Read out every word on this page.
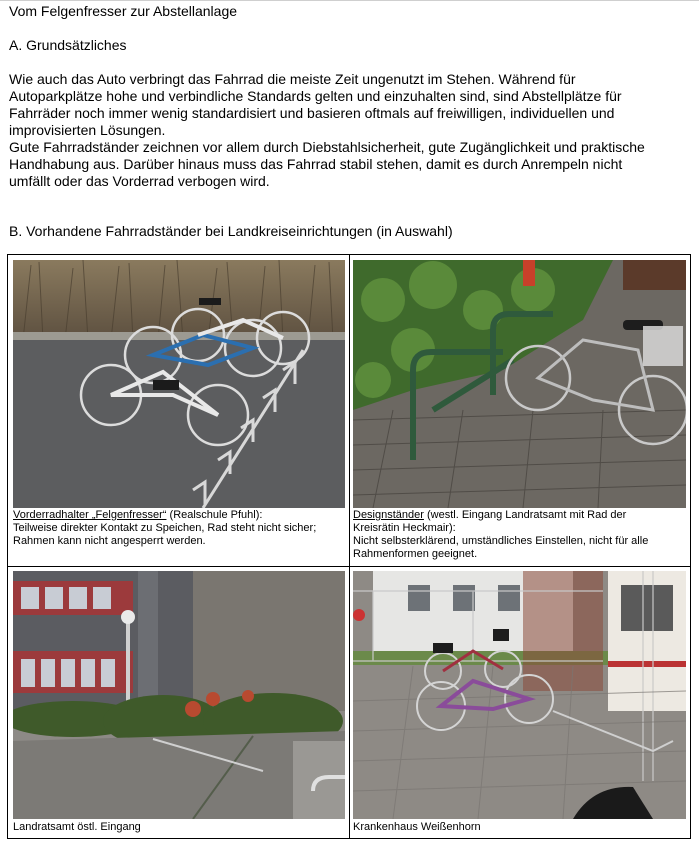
Vom Felgenfresser zur Abstellanlage
A. Grundsätzliches
Wie auch das Auto verbringt das Fahrrad die meiste Zeit ungenutzt im Stehen. Während für
Autoparkplätze hohe und verbindliche Standards gelten und einzuhalten sind, sind Abstellplätze für
Fahrräder noch immer wenig standardisiert und basieren oftmals auf freiwilligen, individuellen und
improvisierten Lösungen.
Gute Fahrradständer zeichnen vor allem durch Diebstahlsicherheit, gute Zugänglichkeit und praktische
Handhabung aus. Darüber hinaus muss das Fahrrad stabil stehen, damit es durch Anrempeln nicht
umfällt oder das Vorderrad verbogen wird.
B. Vorhandene Fahrradständer bei Landkreiseinrichtungen (in Auswahl)
Vorderradhalter „Felgenfresser“ (Realschule Pfuhl):
Teilweise direkter Kontakt zu Speichen, Rad steht nicht sicher;
Rahmen kann nicht angesperrt werden.
Designständer (westl. Eingang Landratsamt mit Rad der
Kreisrätin Heckmair):
Nicht selbsterklärend, umständliches Einstellen, nicht für alle
Rahmenformen geeignet.
Landratsamt östl. Eingang	Krankenhaus Weißenhorn
